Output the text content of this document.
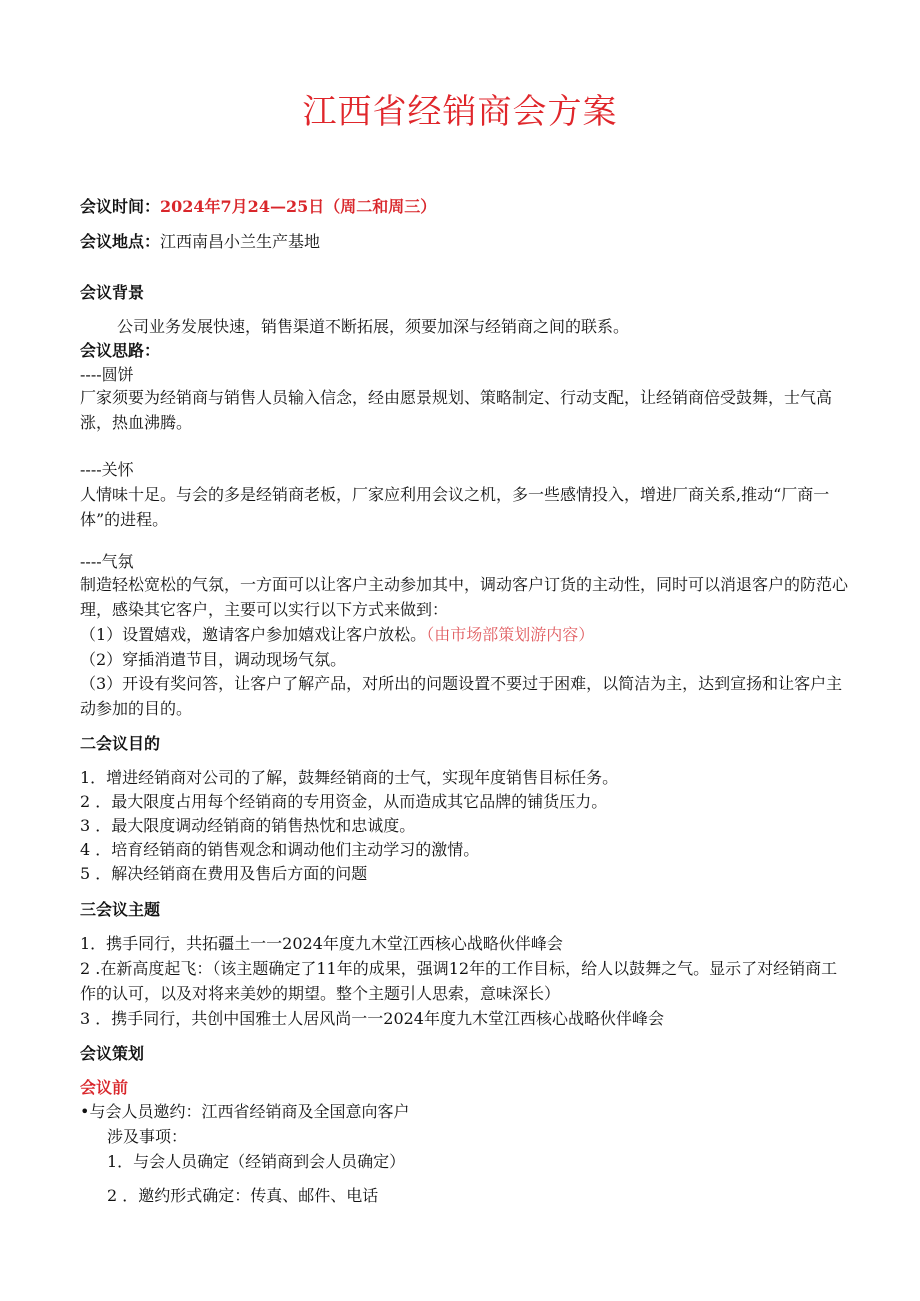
江西省经销商会方案
会议时间：2024年7月24—25日（周二和周三）
会议地点：江西南昌小兰生产基地
会议背景
公司业务发展快速，销售渠道不断拓展，须要加深与经销商之间的联系。
会议思路：
----圆饼
厂家须要为经销商与销售人员输入信念，经由愿景规划、策略制定、行动支配，让经销商倍受鼓舞，士气高涨，热血沸腾。
----关怀
人情味十足。与会的多是经销商老板，厂家应利用会议之机，多一些感情投入，增进厂商关系,推动“厂商一体”的进程。
----气氛
制造轻松宽松的气氛，一方面可以让客户主动参加其中，调动客户订货的主动性，同时可以消退客户的防范心理，感染其它客户，主要可以实行以下方式来做到：
（1）设置嬉戏，邀请客户参加嬉戏让客户放松。（由市场部策划游内容）
（2）穿插消遣节目，调动现场气氛。
（3）开设有奖问答，让客户了解产品，对所出的问题设置不要过于困难，以简洁为主，达到宣扬和让客户主动参加的目的。
二会议目的
1．增进经销商对公司的了解，鼓舞经销商的士气，实现年度销售目标任务。
2 ．最大限度占用每个经销商的专用资金，从而造成其它品牌的铺货压力。
3 ．最大限度调动经销商的销售热忱和忠诚度。
4 ．培育经销商的销售观念和调动他们主动学习的激情。
5 ．解决经销商在费用及售后方面的问题
三会议主题
1．携手同行，共拓疆土一一2024年度九木堂江西核心战略伙伴峰会
2 .在新高度起飞：（该主题确定了11年的成果，强调12年的工作目标，给人以鼓舞之气。显示了对经销商工作的认可，以及对将来美妙的期望。整个主题引人思索，意味深长）
3 ．携手同行，共创中国雅士人居风尚一一2024年度九木堂江西核心战略伙伴峰会
会议策划
会议前
•与会人员邀约：江西省经销商及全国意向客户
涉及事项：
1．与会人员确定（经销商到会人员确定）
2 ．邀约形式确定：传真、邮件、电话
